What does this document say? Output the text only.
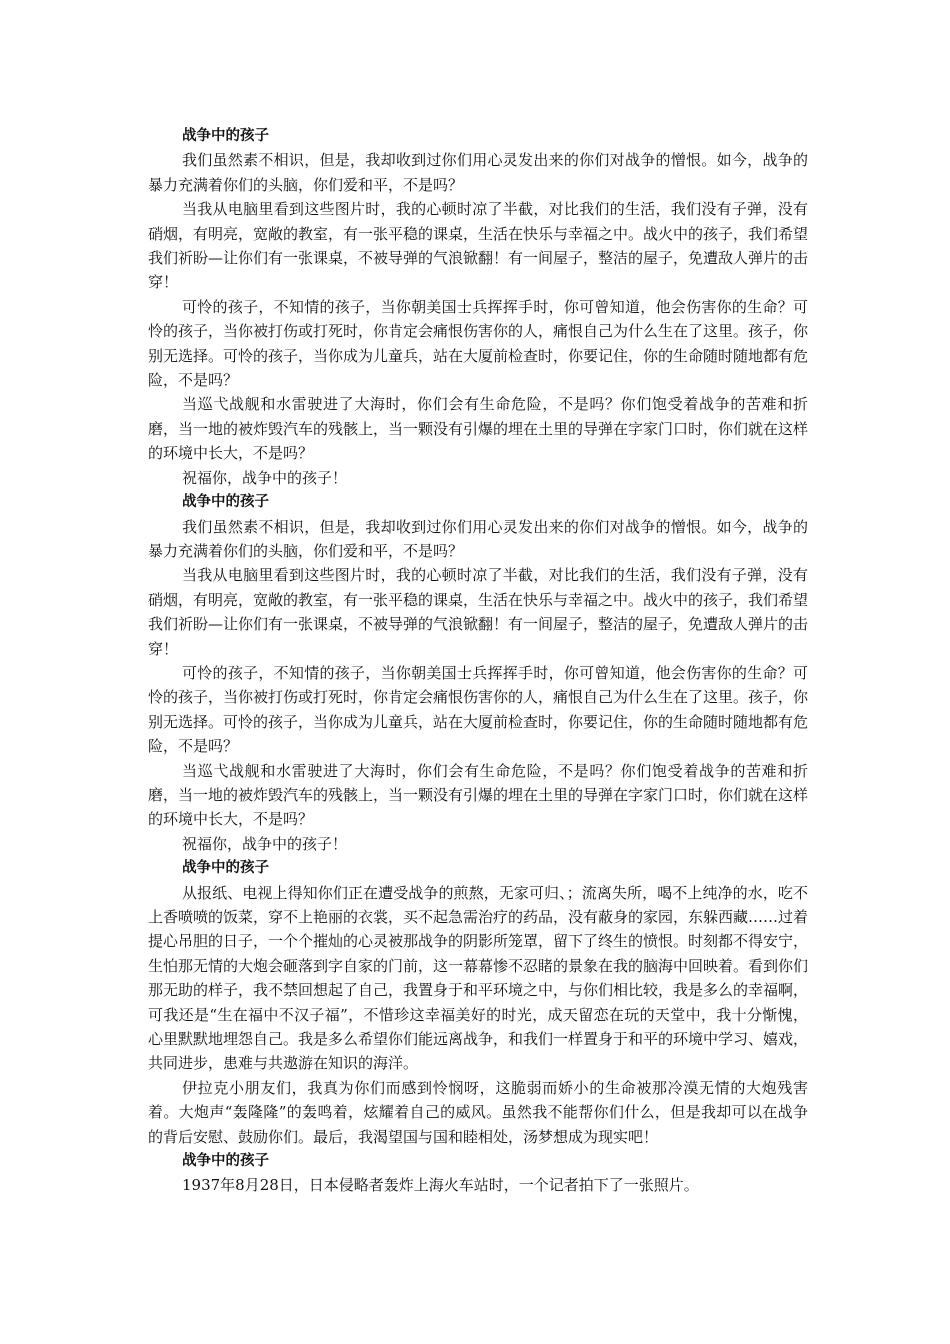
战争中的孩子

我们虽然素不相识，但是，我却收到过你们用心灵发出来的你们对战争的憎恨。如今，战争的暴力充满着你们的头脑，你们爱和平，不是吗？

当我从电脑里看到这些图片时，我的心顿时凉了半截，对比我们的生活，我们没有子弹，没有硝烟，有明亮，宽敞的教室，有一张平稳的课桌，生活在快乐与幸福之中。战火中的孩子，我们希望我们祈盼—让你们有一张课桌，不被导弹的气浪锨翻！有一间屋子，整洁的屋子，免遭敌人弹片的击穿！

可怜的孩子，不知情的孩子，当你朝美国士兵挥挥手时，你可曾知道，他会伤害你的生命？可怜的孩子，当你被打伤或打死时，你肯定会痛恨伤害你的人，痛恨自己为什么生在了这里。孩子，你别无选择。可怜的孩子，当你成为儿童兵，站在大厦前检查时，你要记住，你的生命随时随地都有危险，不是吗？

当巡弋战舰和水雷驶进了大海时，你们会有生命危险，不是吗？你们饱受着战争的苦难和折磨，当一地的被炸毁汽车的残骸上，当一颗没有引爆的埋在土里的导弹在字家门口时，你们就在这样的环境中长大，不是吗？

祝福你，战争中的孩子！

战争中的孩子

我们虽然素不相识，但是，我却收到过你们用心灵发出来的你们对战争的憎恨。如今，战争的暴力充满着你们的头脑，你们爱和平，不是吗？

当我从电脑里看到这些图片时，我的心顿时凉了半截，对比我们的生活，我们没有子弹，没有硝烟，有明亮，宽敞的教室，有一张平稳的课桌，生活在快乐与幸福之中。战火中的孩子，我们希望我们祈盼—让你们有一张课桌，不被导弹的气浪锨翻！有一间屋子，整洁的屋子，免遭敌人弹片的击穿！

可怜的孩子，不知情的孩子，当你朝美国士兵挥挥手时，你可曾知道，他会伤害你的生命？可怜的孩子，当你被打伤或打死时，你肯定会痛恨伤害你的人，痛恨自己为什么生在了这里。孩子，你别无选择。可怜的孩子，当你成为儿童兵，站在大厦前检查时，你要记住，你的生命随时随地都有危险，不是吗？

当巡弋战舰和水雷驶进了大海时，你们会有生命危险，不是吗？你们饱受着战争的苦难和折磨，当一地的被炸毁汽车的残骸上，当一颗没有引爆的埋在土里的导弹在字家门口时，你们就在这样的环境中长大，不是吗？

祝福你，战争中的孩子！

战争中的孩子

从报纸、电视上得知你们正在遭受战争的煎熬，无家可归、；流离失所，喝不上纯净的水，吃不上香喷喷的饭菜，穿不上艳丽的衣裳，买不起急需治疗的药品，没有蔽身的家园，东躲西藏……过着提心吊胆的日子，一个个摧灿的心灵被那战争的阴影所笼罩，留下了终生的愤恨。时刻都不得安宁，生怕那无情的大炮会砸落到字自家的门前，这一幕幕惨不忍睹的景象在我的脑海中回映着。看到你们那无助的样子，我不禁回想起了自己，我置身于和平环境之中，与你们相比较，我是多么的幸福啊，可我还是“生在福中不汉子福”，不惜珍这幸福美好的时光，成天留恋在玩的天堂中，我十分惭愧，心里默默地埋怨自己。我是多么希望你们能远离战争，和我们一样置身于和平的环境中学习、嬉戏，共同进步，患难与共遨游在知识的海洋。

伊拉克小朋友们，我真为你们而感到怜悯呀，这脆弱而娇小的生命被那冷漠无情的大炮残害着。大炮声“轰隆隆”的轰鸣着，炫耀着自己的威风。虽然我不能帮你们什么，但是我却可以在战争的背后安慰、鼓励你们。最后，我渴望国与国和睦相处，汤梦想成为现实吧！

战争中的孩子

1937年8月28日，日本侵略者轰炸上海火车站时，一个记者拍下了一张照片。
